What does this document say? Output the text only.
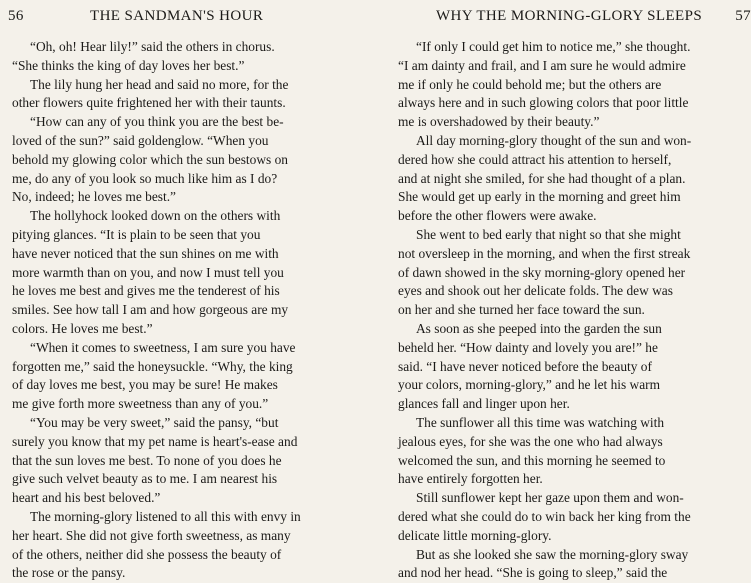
56	THE SANDMAN'S HOUR
“Oh, oh! Hear lily!” said the others in chorus.
“She thinks the king of day loves her best.”
The lily hung her head and said no more, for the
other flowers quite frightened her with their taunts.
“How can any of you think you are the best be-
loved of the sun?” said goldenglow. “When you
behold my glowing color which the sun bestows on
me, do any of you look so much like him as I do?
No, indeed; he loves me best.”
The hollyhock looked down on the others with
pitying glances. “It is plain to be seen that you
have never noticed that the sun shines on me with
more warmth than on you, and now I must tell you
he loves me best and gives me the tenderest of his
smiles. See how tall I am and how gorgeous are my
colors. He loves me best.”
“When it comes to sweetness, I am sure you have
forgotten me,” said the honeysuckle. “Why, the king
of day loves me best, you may be sure! He makes
me give forth more sweetness than any of you.”
“You may be very sweet,” said the pansy, “but
surely you know that my pet name is heart's-ease and
that the sun loves me best. To none of you does he
give such velvet beauty as to me. I am nearest his
heart and his best beloved.”
The morning-glory listened to all this with envy in
her heart. She did not give forth sweetness, as many
of the others, neither did she possess the beauty of
the rose or the pansy.
WHY THE MORNING-GLORY SLEEPS 57
“If only I could get him to notice me,” she thought.
“I am dainty and frail, and I am sure he would admire
me if only he could behold me; but the others are
always here and in such glowing colors that poor little
me is overshadowed by their beauty.”
All day morning-glory thought of the sun and won-
dered how she could attract his attention to herself,
and at night she smiled, for she had thought of a plan.
She would get up early in the morning and greet him
before the other flowers were awake.
She went to bed early that night so that she might
not oversleep in the morning, and when the first streak
of dawn showed in the sky morning-glory opened her
eyes and shook out her delicate folds. The dew was
on her and she turned her face toward the sun.
As soon as she peeped into the garden the sun
beheld her. “How dainty and lovely you are!” he
said. “I have never noticed before the beauty of
your colors, morning-glory,” and he let his warm
glances fall and linger upon her.
The sunflower all this time was watching with
jealous eyes, for she was the one who had always
welcomed the sun, and this morning he seemed to
have entirely forgotten her.
Still sunflower kept her gaze upon them and won-
dered what she could do to win back her king from the
delicate little morning-glory.
But as she looked she saw the morning-glory sway
and nod her head. “She is going to sleep,” said the
